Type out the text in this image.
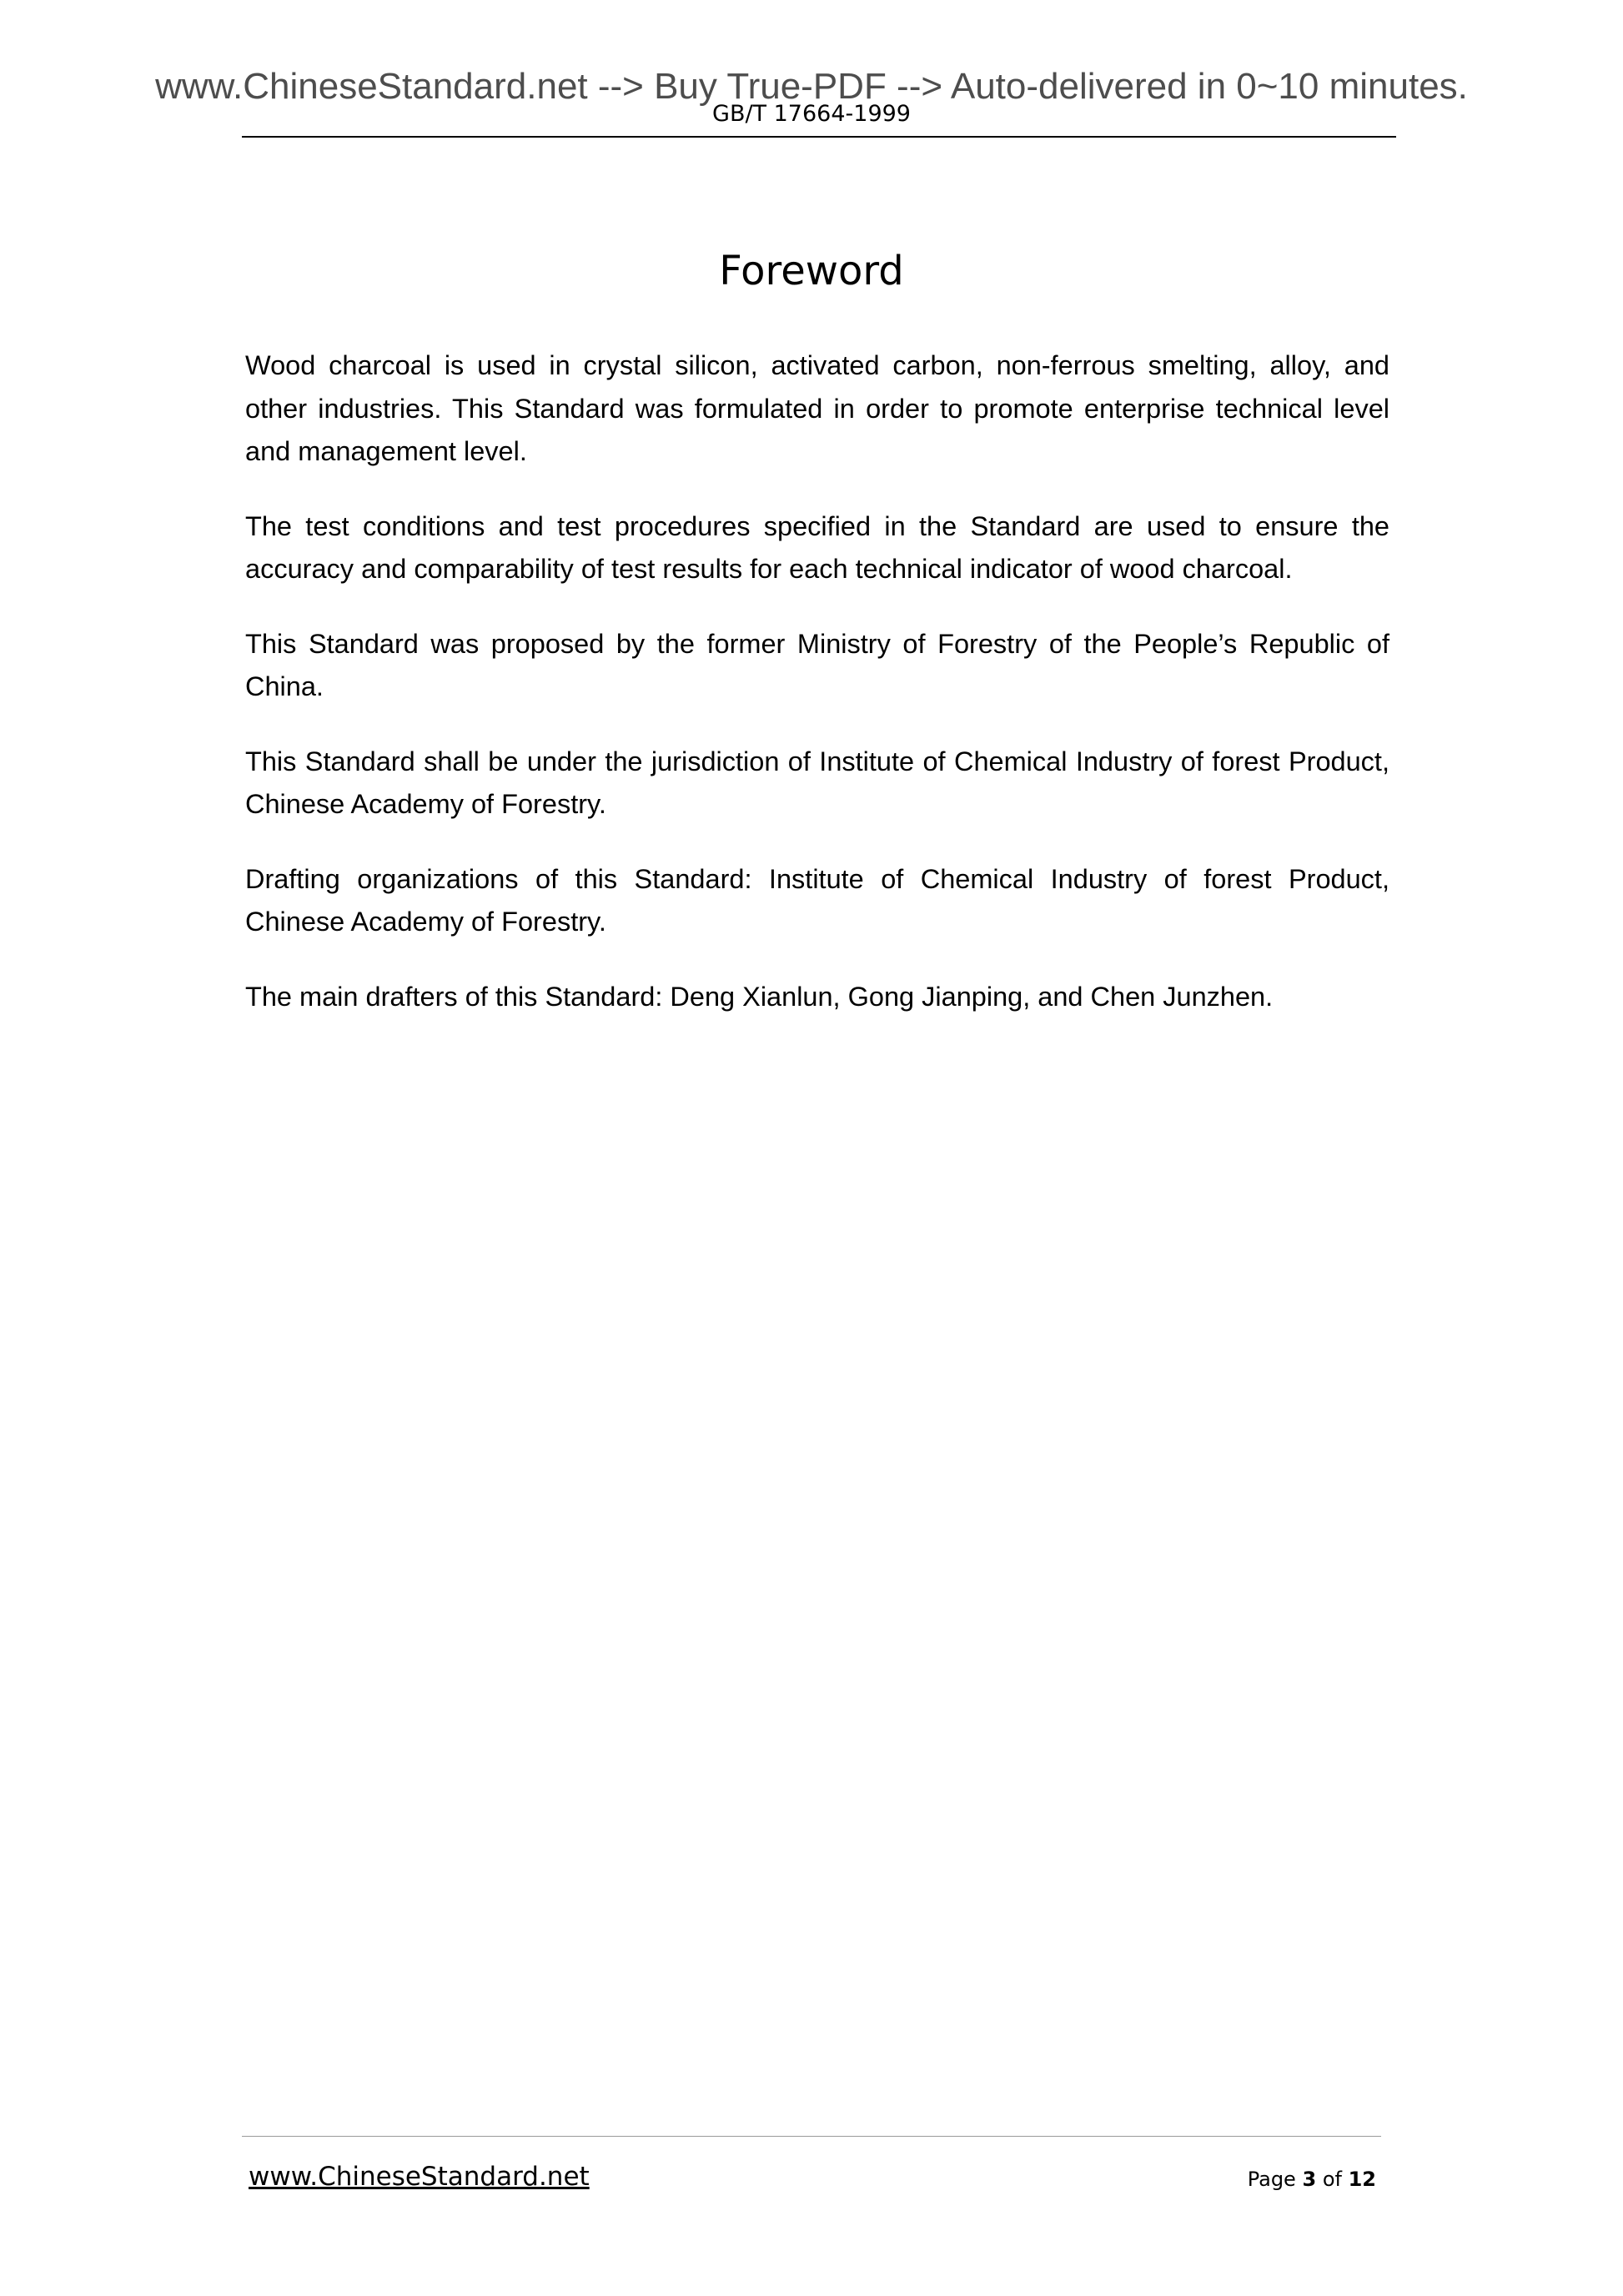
www.ChineseStandard.net --> Buy True-PDF --> Auto-delivered in 0~10 minutes.
GB/T 17664-1999
Foreword

Wood charcoal is used in crystal silicon, activated carbon, non-ferrous smelting, alloy, and other industries. This Standard was formulated in order to promote enterprise technical level and management level.

The test conditions and test procedures specified in the Standard are used to ensure the accuracy and comparability of test results for each technical indicator of wood charcoal.

This Standard was proposed by the former Ministry of Forestry of the People’s Republic of China.

This Standard shall be under the jurisdiction of Institute of Chemical Industry of forest Product, Chinese Academy of Forestry.

Drafting organizations of this Standard: Institute of Chemical Industry of forest Product, Chinese Academy of Forestry.

The main drafters of this Standard: Deng Xianlun, Gong Jianping, and Chen Junzhen.

www.ChineseStandard.net	Page 3 of 12
